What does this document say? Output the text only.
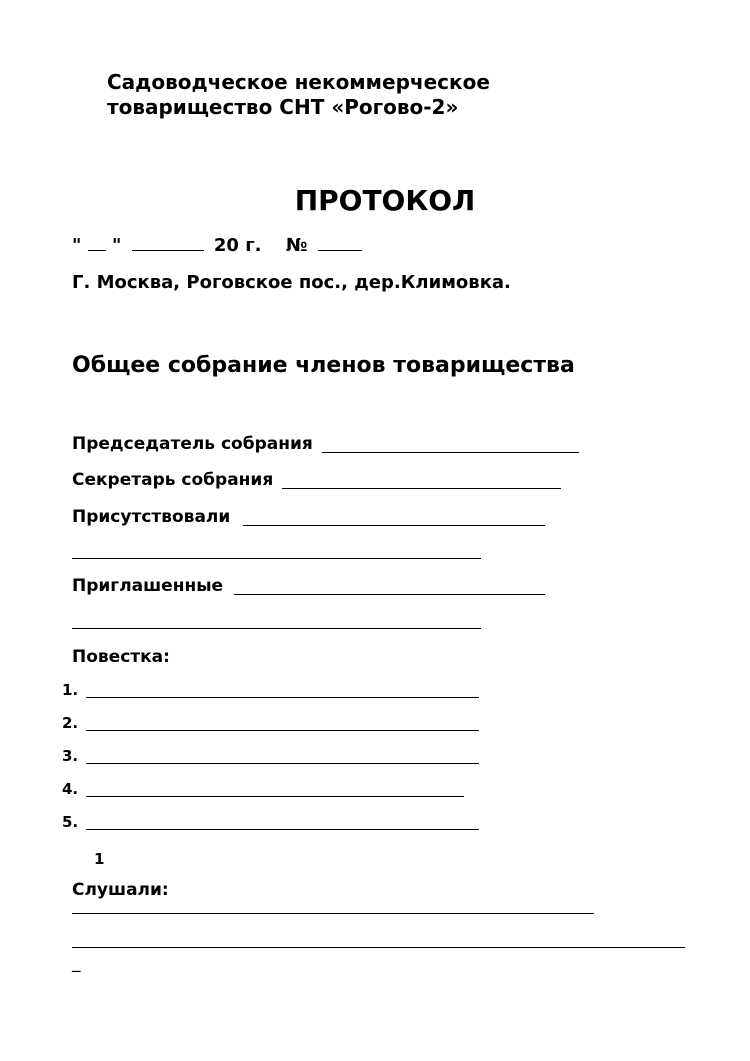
Садоводческое некоммерческое
товарищество СНТ «Рогово-2»
ПРОТОКОЛ
" "	20 г. №
Г. Москва, Роговское пос., дер.Климовка.
Общее собрание членов товарищества
Председатель собрания
Секретарь собрания
Присутствовали
Приглашенные
Повестка:
1.
2.
3.
4.
5.
1
Слушали:
_
